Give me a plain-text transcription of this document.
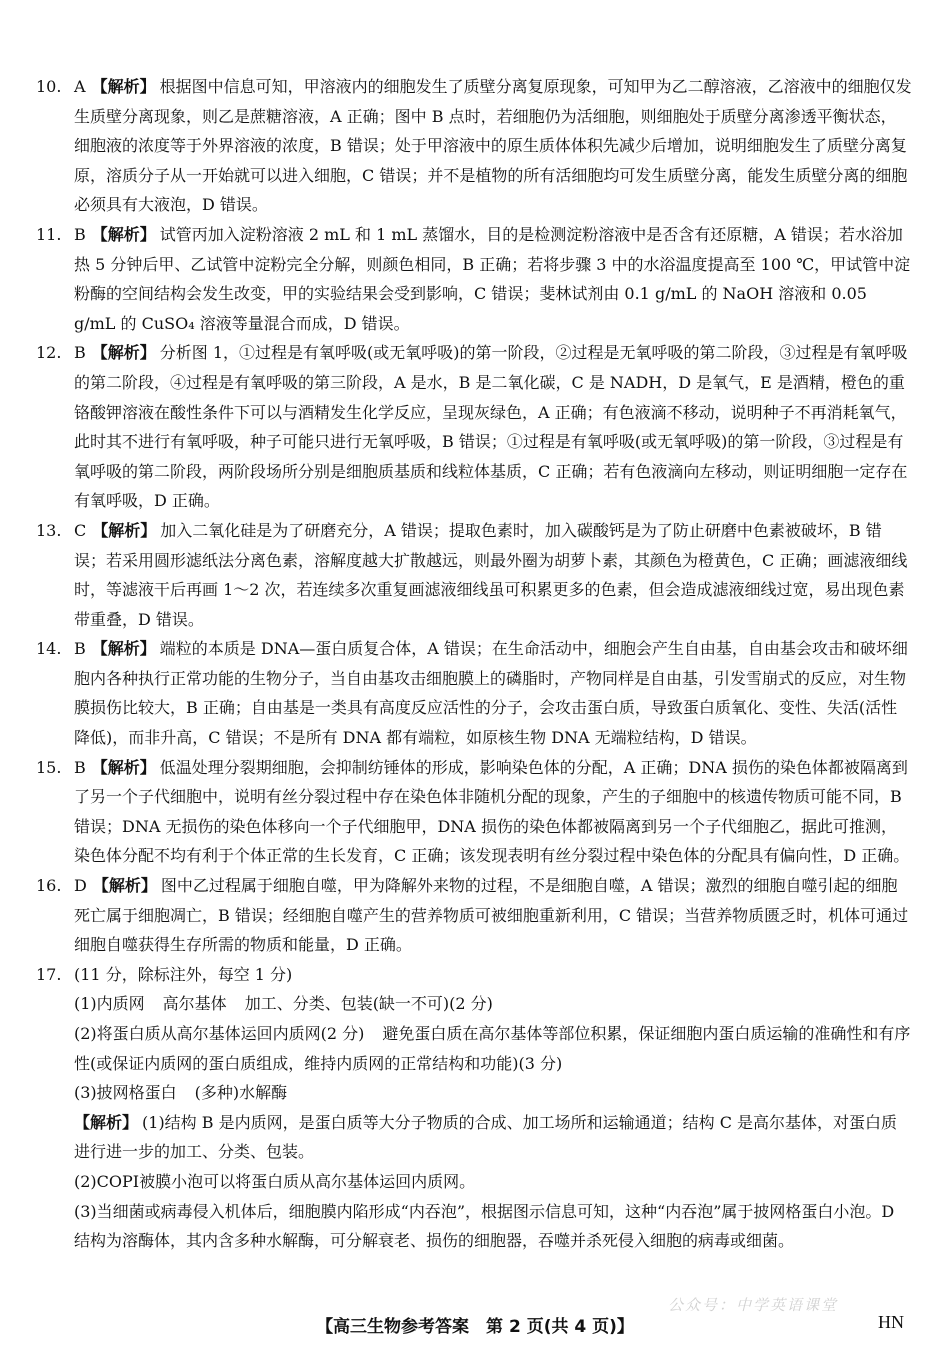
10. A 【解析】 根据图中信息可知，甲溶液内的细胞发生了质壁分离复原现象，可知甲为乙二醇溶液，乙溶液中的细胞仅发生质壁分离现象，则乙是蔗糖溶液，A 正确；图中 B 点时，若细胞仍为活细胞，则细胞处于质壁分离渗透平衡状态，细胞液的浓度等于外界溶液的浓度，B 错误；处于甲溶液中的原生质体体积先减少后增加，说明细胞发生了质壁分离复原，溶质分子从一开始就可以进入细胞，C 错误；并不是植物的所有活细胞均可发生质壁分离，能发生质壁分离的细胞必须具有大液泡，D 错误。

11. B 【解析】 试管丙加入淀粉溶液 2 mL 和 1 mL 蒸馏水，目的是检测淀粉溶液中是否含有还原糖，A 错误；若水浴加热 5 分钟后甲、乙试管中淀粉完全分解，则颜色相同，B 正确；若将步骤 3 中的水浴温度提高至 100 ℃，甲试管中淀粉酶的空间结构会发生改变，甲的实验结果会受到影响，C 错误；斐林试剂由 0.1 g/mL 的 NaOH 溶液和 0.05 g/mL 的 CuSO₄ 溶液等量混合而成，D 错误。

12. B 【解析】 分析图 1，①过程是有氧呼吸(或无氧呼吸)的第一阶段，②过程是无氧呼吸的第二阶段，③过程是有氧呼吸的第二阶段，④过程是有氧呼吸的第三阶段，A 是水，B 是二氧化碳，C 是 NADH，D 是氧气，E 是酒精，橙色的重铬酸钾溶液在酸性条件下可以与酒精发生化学反应，呈现灰绿色，A 正确；有色液滴不移动，说明种子不再消耗氧气，此时其不进行有氧呼吸，种子可能只进行无氧呼吸，B 错误；①过程是有氧呼吸(或无氧呼吸)的第一阶段，③过程是有氧呼吸的第二阶段，两阶段场所分别是细胞质基质和线粒体基质，C 正确；若有色液滴向左移动，则证明细胞一定存在有氧呼吸，D 正确。

13. C 【解析】 加入二氧化硅是为了研磨充分，A 错误；提取色素时，加入碳酸钙是为了防止研磨中色素被破坏，B 错误；若采用圆形滤纸法分离色素，溶解度越大扩散越远，则最外圈为胡萝卜素，其颜色为橙黄色，C 正确；画滤液细线时，等滤液干后再画 1～2 次，若连续多次重复画滤液细线虽可积累更多的色素，但会造成滤液细线过宽，易出现色素带重叠，D 错误。

14. B 【解析】 端粒的本质是 DNA—蛋白质复合体，A 错误；在生命活动中，细胞会产生自由基，自由基会攻击和破坏细胞内各种执行正常功能的生物分子，当自由基攻击细胞膜上的磷脂时，产物同样是自由基，引发雪崩式的反应，对生物膜损伤比较大，B 正确；自由基是一类具有高度反应活性的分子，会攻击蛋白质，导致蛋白质氧化、变性、失活(活性降低)，而非升高，C 错误；不是所有 DNA 都有端粒，如原核生物 DNA 无端粒结构，D 错误。

15. B 【解析】 低温处理分裂期细胞，会抑制纺锤体的形成，影响染色体的分配，A 正确；DNA 损伤的染色体都被隔离到了另一个子代细胞中，说明有丝分裂过程中存在染色体非随机分配的现象，产生的子细胞中的核遗传物质可能不同，B 错误；DNA 无损伤的染色体移向一个子代细胞甲，DNA 损伤的染色体都被隔离到另一个子代细胞乙，据此可推测，染色体分配不均有利于个体正常的生长发育，C 正确；该发现表明有丝分裂过程中染色体的分配具有偏向性，D 正确。

16. D 【解析】 图中乙过程属于细胞自噬，甲为降解外来物的过程，不是细胞自噬，A 错误；激烈的细胞自噬引起的细胞死亡属于细胞凋亡，B 错误；经细胞自噬产生的营养物质可被细胞重新利用，C 错误；当营养物质匮乏时，机体可通过细胞自噬获得生存所需的物质和能量，D 正确。

17. (11 分，除标注外，每空 1 分)

(1)内质网 高尔基体 加工、分类、包装(缺一不可)(2 分)

(2)将蛋白质从高尔基体运回内质网(2 分) 避免蛋白质在高尔基体等部位积累，保证细胞内蛋白质运输的准确性和有序性(或保证内质网的蛋白质组成，维持内质网的正常结构和功能)(3 分)

(3)披网格蛋白 (多种)水解酶

【解析】 (1)结构 B 是内质网，是蛋白质等大分子物质的合成、加工场所和运输通道；结构 C 是高尔基体，对蛋白质进行进一步的加工、分类、包装。

(2)COPⅠ被膜小泡可以将蛋白质从高尔基体运回内质网。

(3)当细菌或病毒侵入机体后，细胞膜内陷形成“内吞泡”，根据图示信息可知，这种“内吞泡”属于披网格蛋白小泡。D 结构为溶酶体，其内含多种水解酶，可分解衰老、损伤的细胞器，吞噬并杀死侵入细胞的病毒或细菌。

公众号：中学英语课堂
【高三生物参考答案　第 2 页(共 4 页)】	HN
